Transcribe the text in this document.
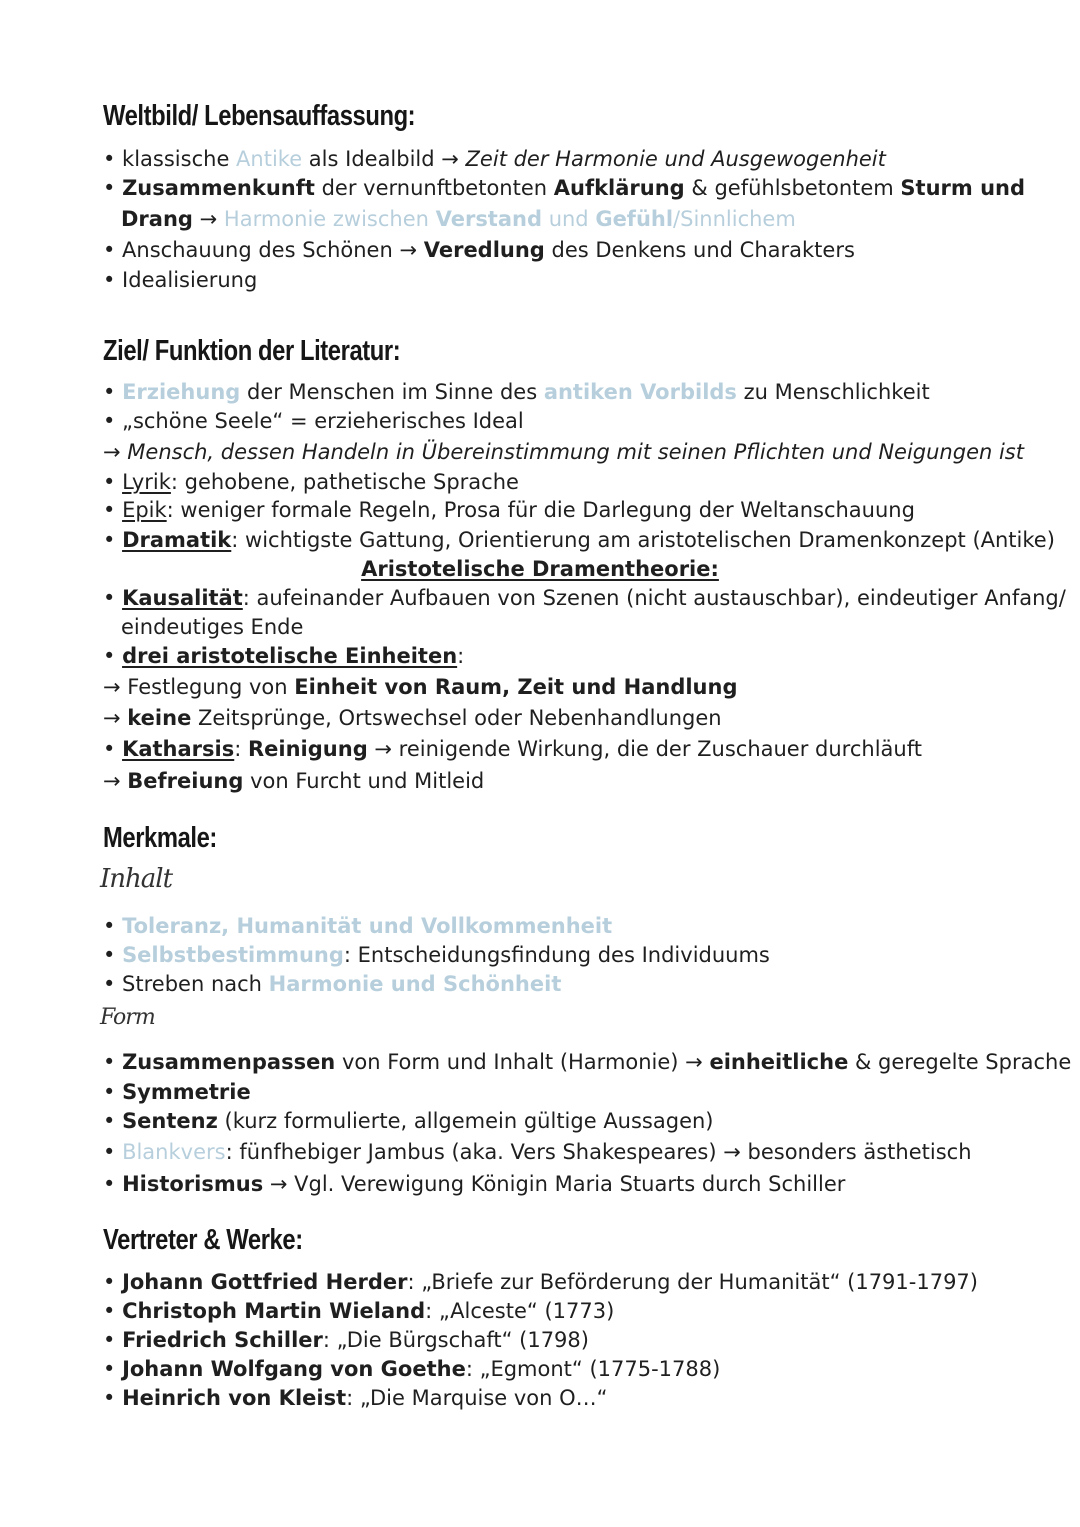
Weltbild/ Lebensauffassung:
• klassische Antike als Idealbild → Zeit der Harmonie und Ausgewogenheit
• Zusammenkunft der vernunftbetonten Aufklärung & gefühlsbetontem Sturm und
Drang → Harmonie zwischen Verstand und Gefühl/Sinnlichem
• Anschauung des Schönen → Veredlung des Denkens und Charakters
• Idealisierung
Ziel/ Funktion der Literatur:
• Erziehung der Menschen im Sinne des antiken Vorbilds zu Menschlichkeit
• „schöne Seele“ = erzieherisches Ideal
→ Mensch, dessen Handeln in Übereinstimmung mit seinen Pflichten und Neigungen ist
• Lyrik: gehobene, pathetische Sprache
• Epik: weniger formale Regeln, Prosa für die Darlegung der Weltanschauung
• Dramatik: wichtigste Gattung, Orientierung am aristotelischen Dramenkonzept (Antike)
Aristotelische Dramentheorie:
• Kausalität: aufeinander Aufbauen von Szenen (nicht austauschbar), eindeutiger Anfang/
eindeutiges Ende
• drei aristotelische Einheiten:
→ Festlegung von Einheit von Raum, Zeit und Handlung
→ keine Zeitsprünge, Ortswechsel oder Nebenhandlungen
• Katharsis: Reinigung → reinigende Wirkung, die der Zuschauer durchläuft
→ Befreiung von Furcht und Mitleid
Merkmale:
Inhalt
• Toleranz, Humanität und Vollkommenheit
• Selbstbestimmung: Entscheidungsfindung des Individuums
• Streben nach Harmonie und Schönheit
Form
• Zusammenpassen von Form und Inhalt (Harmonie) → einheitliche & geregelte Sprache
• Symmetrie
• Sentenz (kurz formulierte, allgemein gültige Aussagen)
• Blankvers: fünfhebiger Jambus (aka. Vers Shakespeares) → besonders ästhetisch
• Historismus → Vgl. Verewigung Königin Maria Stuarts durch Schiller
Vertreter & Werke:
• Johann Gottfried Herder: „Briefe zur Beförderung der Humanität“ (1791-1797)
• Christoph Martin Wieland: „Alceste“ (1773)
• Friedrich Schiller: „Die Bürgschaft“ (1798)
• Johann Wolfgang von Goethe: „Egmont“ (1775-1788)
• Heinrich von Kleist: „Die Marquise von O…“
